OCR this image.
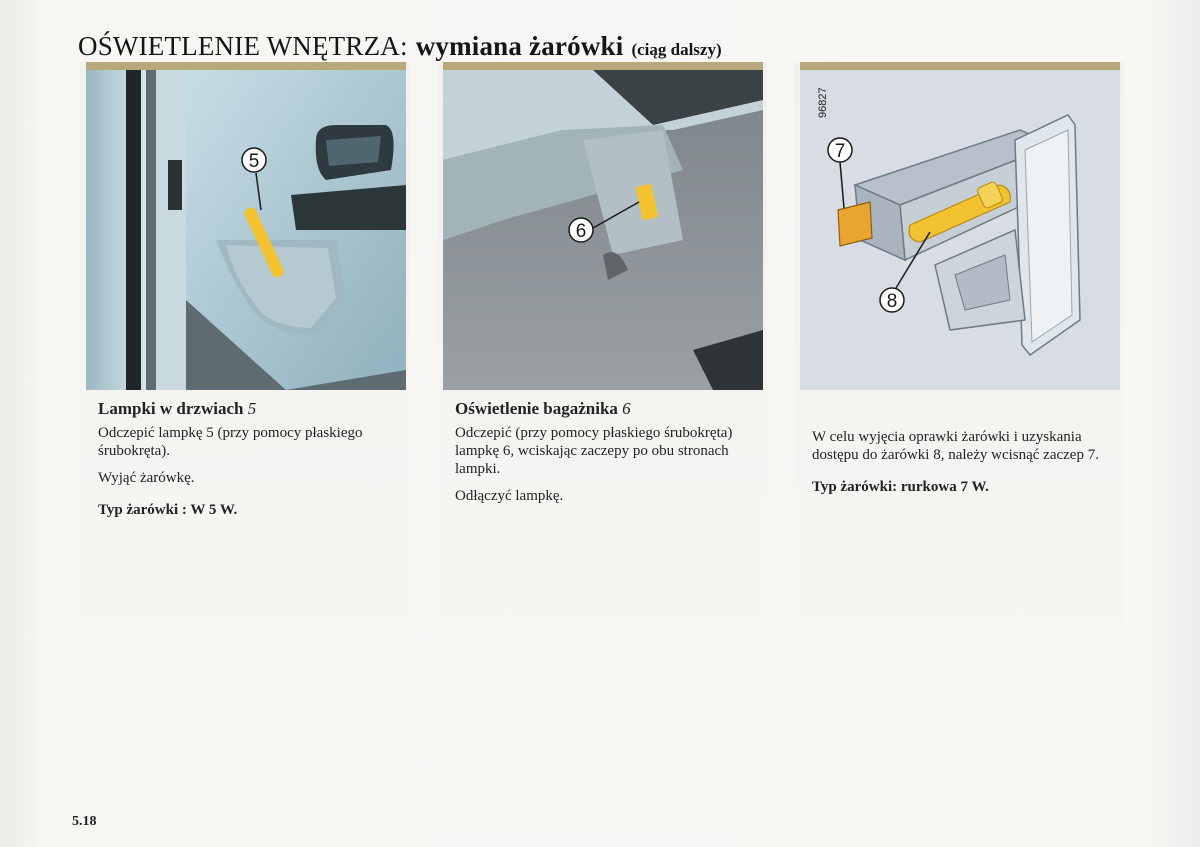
OŚWIETLENIE WNĘTRZA: wymiana żarówki (ciąg dalszy)
5
Lampki w drzwiach 5

Odczepić lampkę 5 (przy pomocy płaskiego śrubokręta).

Wyjąć żarówkę.

Typ żarówki : W 5 W.

6
Oświetlenie bagażnika 6

Odczepić (przy pomocy płaskiego śrubokręta) lampkę 6, wciskając zaczepy po obu stronach lampki.

Odłączyć lampkę.

96827
7
8

W celu wyjęcia oprawki żarówki i uzyskania dostępu do żarówki 8, należy wcisnąć zaczep 7.

Typ żarówki: rurkowa 7 W.

5.18
